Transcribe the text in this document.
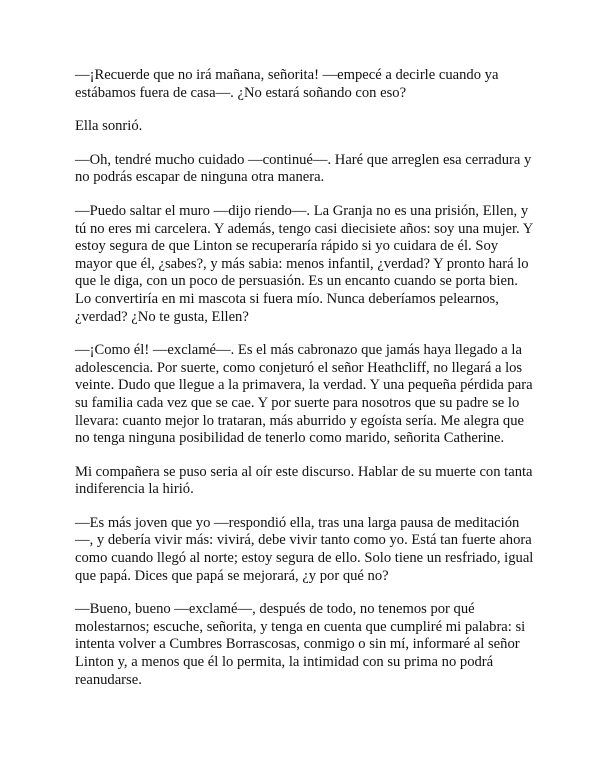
—¡Recuerde que no irá mañana, señorita! —empecé a decirle cuando ya estábamos fuera de casa—. ¿No estará soñando con eso?

Ella sonrió.

—Oh, tendré mucho cuidado —continué—. Haré que arreglen esa cerradura y no podrás escapar de ninguna otra manera.

—Puedo saltar el muro —dijo riendo—. La Granja no es una prisión, Ellen, y tú no eres mi carcelera. Y además, tengo casi diecisiete años: soy una mujer. Y estoy segura de que Linton se recuperaría rápido si yo cuidara de él. Soy mayor que él, ¿sabes?, y más sabia: menos infantil, ¿verdad? Y pronto hará lo que le diga, con un poco de persuasión. Es un encanto cuando se porta bien. Lo convertiría en mi mascota si fuera mío. Nunca deberíamos pelearnos, ¿verdad? ¿No te gusta, Ellen?

—¡Como él! —exclamé—. Es el más cabronazo que jamás haya llegado a la adolescencia. Por suerte, como conjeturó el señor Heathcliff, no llegará a los veinte. Dudo que llegue a la primavera, la verdad. Y una pequeña pérdida para su familia cada vez que se cae. Y por suerte para nosotros que su padre se lo llevara: cuanto mejor lo trataran, más aburrido y egoísta sería. Me alegra que no tenga ninguna posibilidad de tenerlo como marido, señorita Catherine.

Mi compañera se puso seria al oír este discurso. Hablar de su muerte con tanta indiferencia la hirió.

—Es más joven que yo —respondió ella, tras una larga pausa de meditación—, y debería vivir más: vivirá, debe vivir tanto como yo. Está tan fuerte ahora como cuando llegó al norte; estoy segura de ello. Solo tiene un resfriado, igual que papá. Dices que papá se mejorará, ¿y por qué no?

—Bueno, bueno —exclamé—, después de todo, no tenemos por qué molestarnos; escuche, señorita, y tenga en cuenta que cumpliré mi palabra: si intenta volver a Cumbres Borrascosas, conmigo o sin mí, informaré al señor Linton y, a menos que él lo permita, la intimidad con su prima no podrá reanudarse.
